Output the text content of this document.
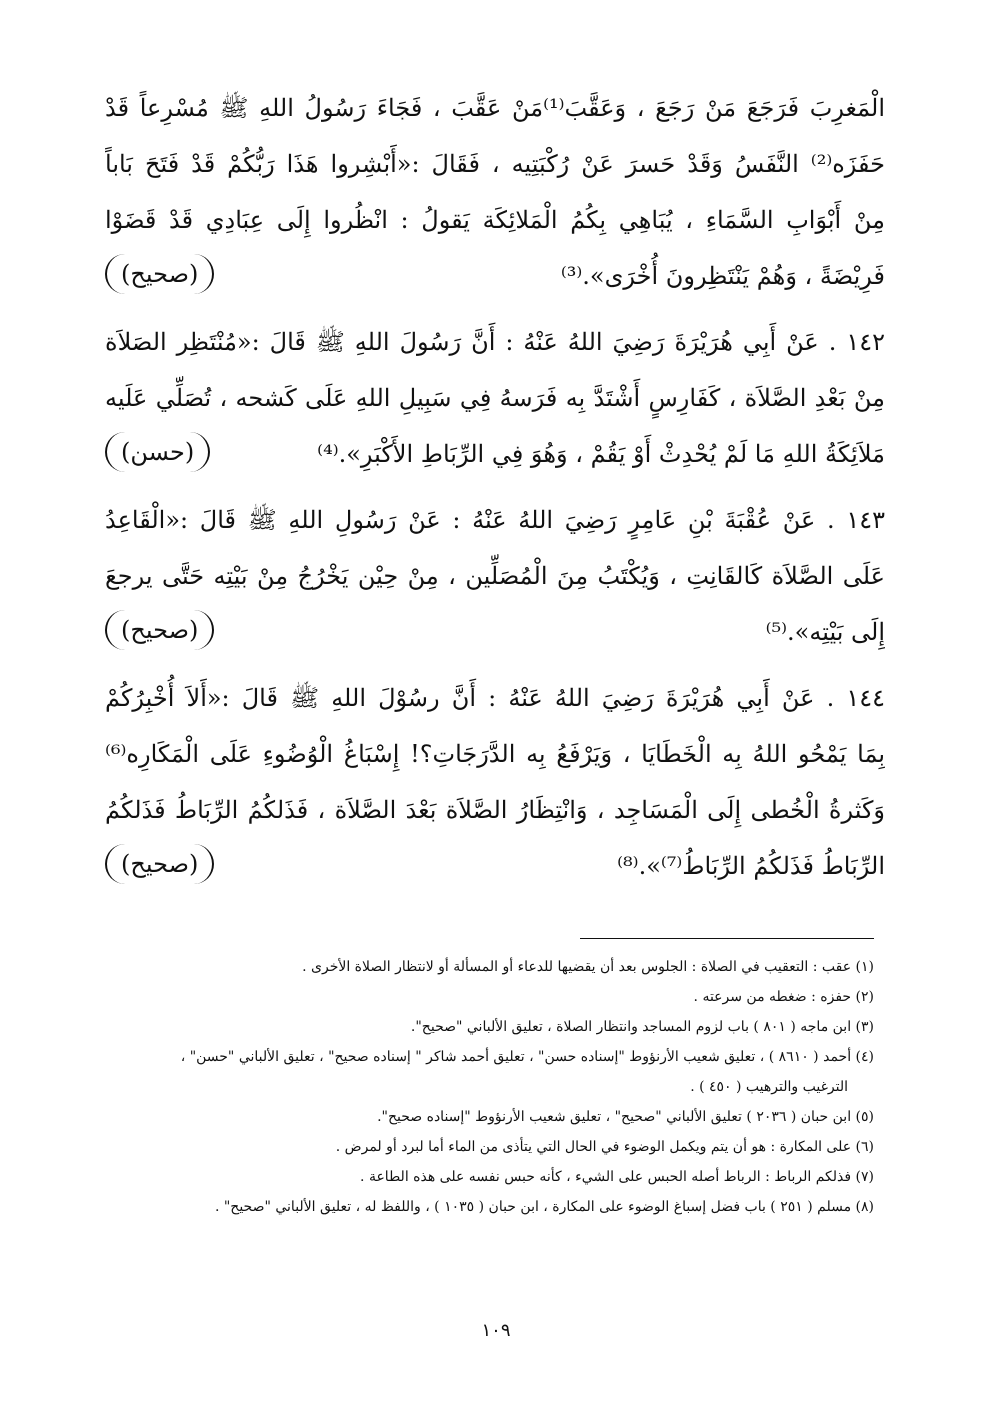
الْمَغرِبَ فَرَجَعَ مَنْ رَجَعَ ، وَعَقَّبَ⁽¹⁾مَنْ عَقَّبَ ، فَجَاءَ رَسُولُ اللهِ ﷺ مُسْرِعاً قَدْ
حَفَزَه⁽²⁾ النَّفَسُ وَقَدْ حَسرَ عَنْ رُكْبَتِيه ، فَقَالَ :«أَبْشِروا هَذَا رَبُّكُمْ قَدْ فَتَحَ بَاباً
مِنْ أَبْوَابِ السَّمَاءِ ، يُبَاهِي بِكُمُ الْمَلائِكَة يَقولُ : انْظُروا إِلَى عِبَادِي قَدْ قَضَوْا
فَرِيْضَةً ، وَهُمْ يَنْتَظِرونَ أُخْرَى».⁽³⁾
(صحيح)
١٤٢ . عَنْ أَبِي هُرَيْرَةَ رَضِيَ اللهُ عَنْهُ : أَنَّ رَسُولَ اللهِ ﷺ قَالَ :«مُنْتَظِر الصَلاَة
مِنْ بَعْدِ الصَّلاَة ، كَفَارِسٍ أَشْتَدَّ بِه فَرَسهُ فِي سَبِيلِ اللهِ عَلَى كَشحه ، تُصَلِّي عَلَيه
مَلاَئِكَةُ اللهِ مَا لَمْ يُحْدِثْ أَوْ يَقُمْ ، وَهُوَ فِي الرِّبَاطِ الأَكْبَرِ».⁽⁴⁾
(حسن)
١٤٣ . عَنْ عُقْبَةَ بْنِ عَامِرٍ رَضِيَ اللهُ عَنْهُ : عَنْ رَسُولِ اللهِ ﷺ قَالَ :«الْقَاعِدُ
عَلَى الصَّلاَة كَالقَانِتِ ، وَيُكْتَبُ مِنَ الْمُصَلِّين ، مِنْ حِيْن يَخْرُجُ مِنْ بَيْتِه حَتَّى يرجعَ
إِلَى بَيْتِه».⁽⁵⁾
(صحيح)
١٤٤ . عَنْ أَبِي هُرَيْرَةَ رَضِيَ اللهُ عَنْهُ : أَنَّ رسُوْلَ اللهِ ﷺ قَالَ :«أَلاَ أُخْبِرُكُمْ
بِمَا يَمْحُو اللهُ بِه الْخَطَايَا ، وَيَرْفَعُ بِه الدَّرَجَاتِ؟! إِسْبَاغُ الْوُضُوءِ عَلَى الْمَكَارِه⁽⁶⁾
وَكَثرةُ الْخُطى إِلَى الْمَسَاجِد ، وَانْتِظَارُ الصَّلاَة بَعْدَ الصَّلاَة ، فَذَلكُمُ الرِّبَاطُ فَذَلكُمُ
الرِّبَاطُ فَذَلكُمُ الرِّبَاطُ⁽⁷⁾».⁽⁸⁾
(صحيح)
(١) عقب : التعقيب في الصلاة : الجلوس بعد أن يقضيها للدعاء أو المسألة أو لانتظار الصلاة الأخرى .
(٢) حفزه : ضغطه من سرعته .
(٣) ابن ماجه ( ٨٠١ ) باب لزوم المساجد وانتظار الصلاة ، تعليق الألباني "صحيح".
(٤) أحمد ( ٨٦١٠ ) ، تعليق شعيب الأرنؤوط "إسناده حسن" ، تعليق أحمد شاكر " إسناده صحيح" ، تعليق الألباني "حسن" ،
الترغيب والترهيب ( ٤٥٠ ) .
(٥) ابن حبان ( ٢٠٣٦ ) تعليق الألباني "صحيح" ، تعليق شعيب الأرنؤوط "إسناده صحيح".
(٦) على المكارة : هو أن يتم ويكمل الوضوء في الحال التي يتأذى من الماء أما لبرد أو لمرض .
(٧) فذلكم الرباط : الرباط أصله الحبس على الشيء ، كأنه حبس نفسه على هذه الطاعة .
(٨) مسلم ( ٢٥١ ) باب فضل إسباغ الوضوء على المكارة ، ابن حبان ( ١٠٣٥ ) ، واللفظ له ، تعليق الألباني "صحيح" .
١٠٩
